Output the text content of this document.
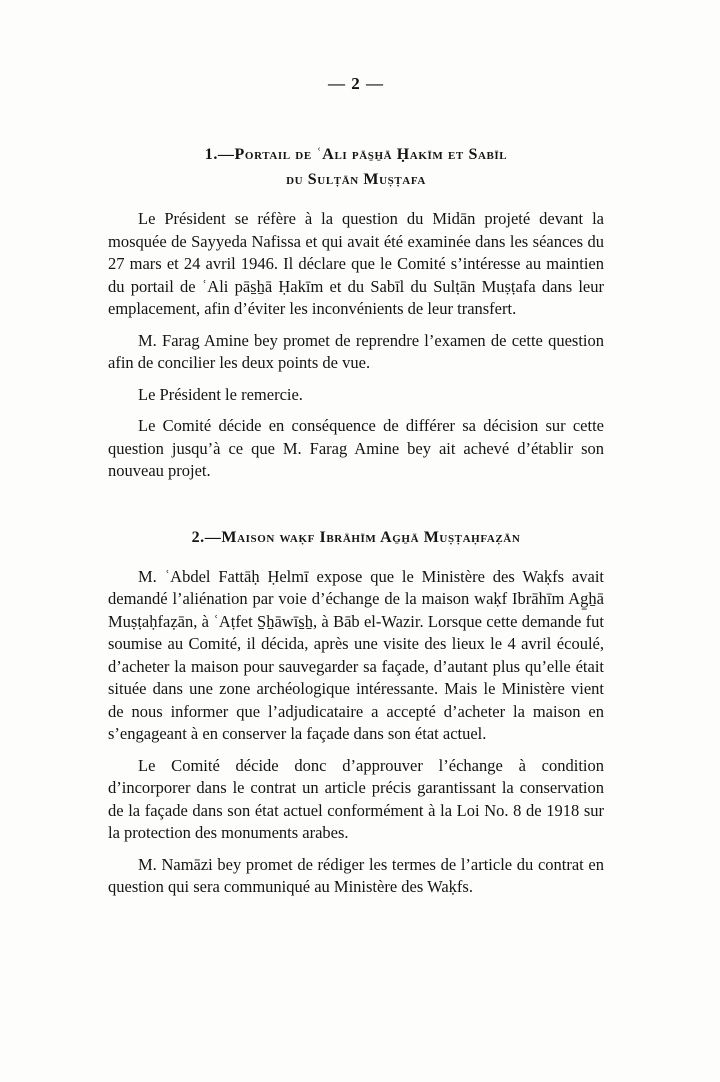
— 2 —
1.—Portail de ʿAli pās̱ẖā Ḥakīm et Sabīl
du Sulṭān Muṣṭafa

Le Président se réfère à la question du Midān projeté devant la mosquée de Sayyeda Nafissa et qui avait été examinée dans les séances du 27 mars et 24 avril 1946. Il déclare que le Comité s’intéresse au maintien du portail de ʿAli pās̱ẖā Ḥakīm et du Sabīl du Sulṭān Muṣṭafa dans leur emplacement, afin d’éviter les inconvénients de leur transfert.

M. Farag Amine bey promet de reprendre l’examen de cette question afin de concilier les deux points de vue.

Le Président le remercie.

Le Comité décide en conséquence de différer sa décision sur cette question jusqu’à ce que M. Farag Amine bey ait achevé d’établir son nouveau projet.

2.—Maison waḳf Ibrāhīm Ag̱ẖā Muṣṭaḥfaẓān

M. ʿAbdel Fattāḥ Ḥelmī expose que le Ministère des Waḳfs avait demandé l’aliénation par voie d’échange de la maison waḳf Ibrāhīm Ag̱ẖā Muṣṭaḥfaẓān, à ʿAṭfet S̱ẖāwīs̱ẖ, à Bāb el-Wazir. Lorsque cette demande fut soumise au Comité, il décida, après une visite des lieux le 4 avril écoulé, d’acheter la maison pour sauvegarder sa façade, d’autant plus qu’elle était située dans une zone archéologique intéressante. Mais le Ministère vient de nous informer que l’adjudicataire a accepté d’acheter la maison en s’engageant à en conserver la façade dans son état actuel.

Le Comité décide donc d’approuver l’échange à condition d’incorporer dans le contrat un article précis garantissant la conservation de la façade dans son état actuel conformément à la Loi No. 8 de 1918 sur la protection des monuments arabes.

M. Namāzi bey promet de rédiger les termes de l’article du contrat en question qui sera communiqué au Ministère des Waḳfs.
